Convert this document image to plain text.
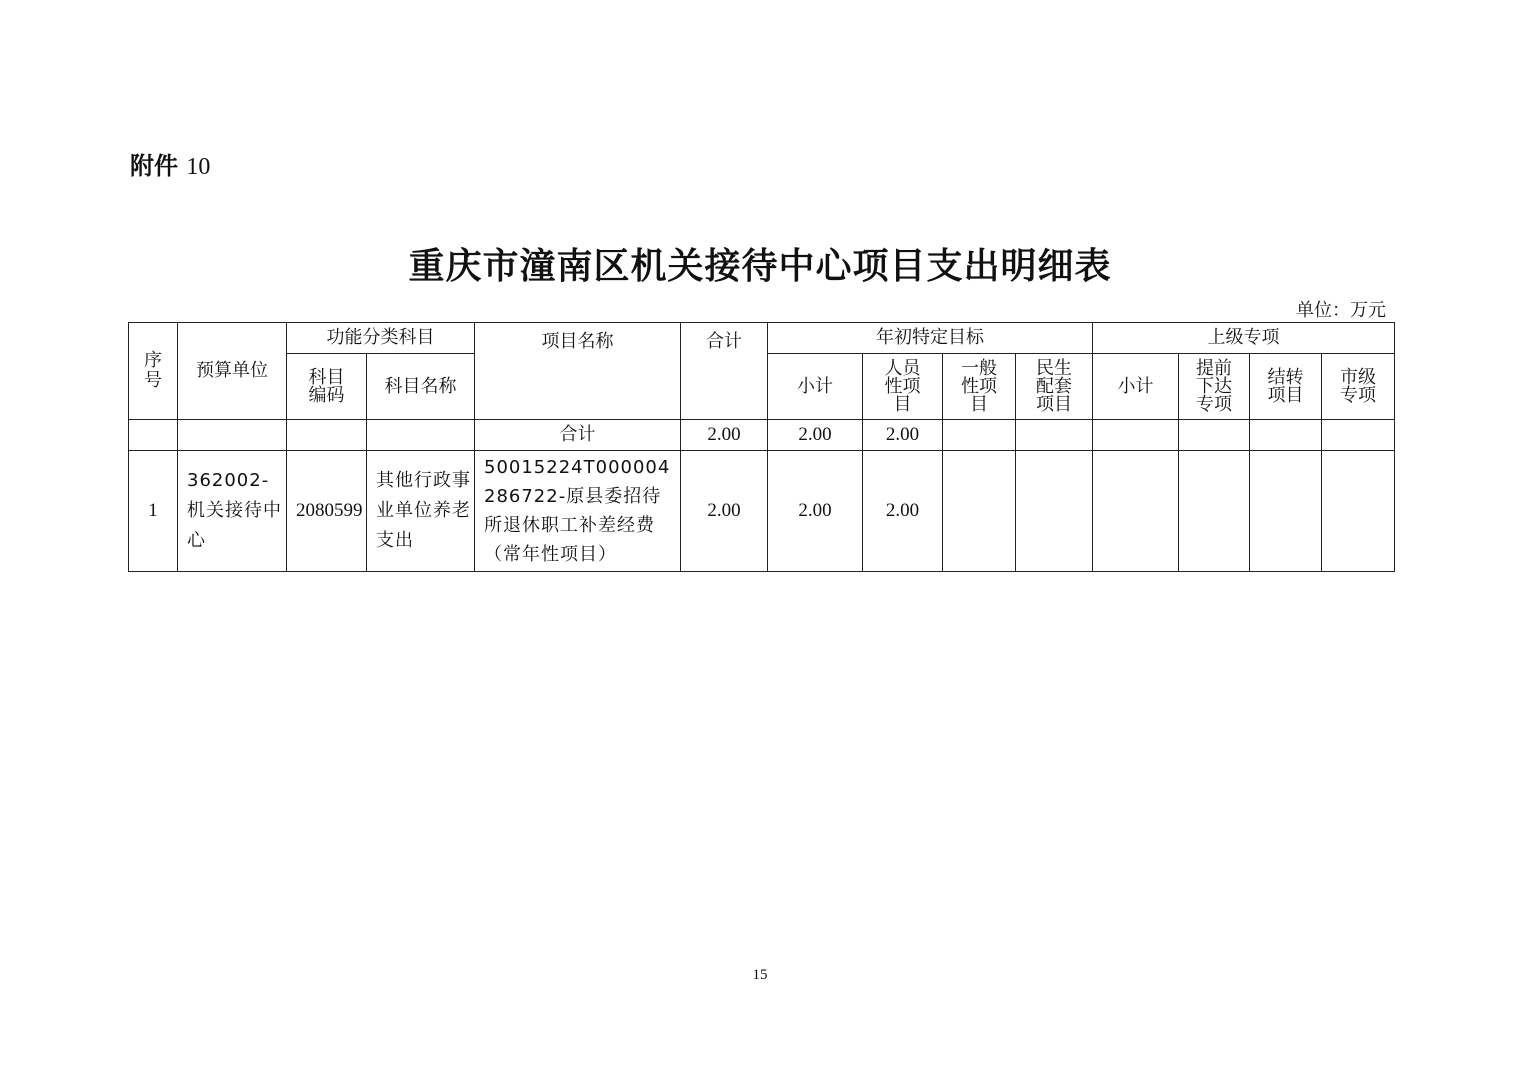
附件 10
重庆市潼南区机关接待中心项目支出明细表
单位：万元
序号	预算单位	功能分类科目		项目名称	合计	年初特定目标				上级专项			
		科目编码	科目名称			小计	人员性项目	一般性项目	民生配套项目	小计	提前下达专项	结转项目	市级专项
				合计	2.00	2.00	2.00						
1	362002-机关接待中心	2080599	其他行政事业单位养老支出	50015224T000004286722-原县委招待所退休职工补差经费（常年性项目）	2.00	2.00	2.00						
15
